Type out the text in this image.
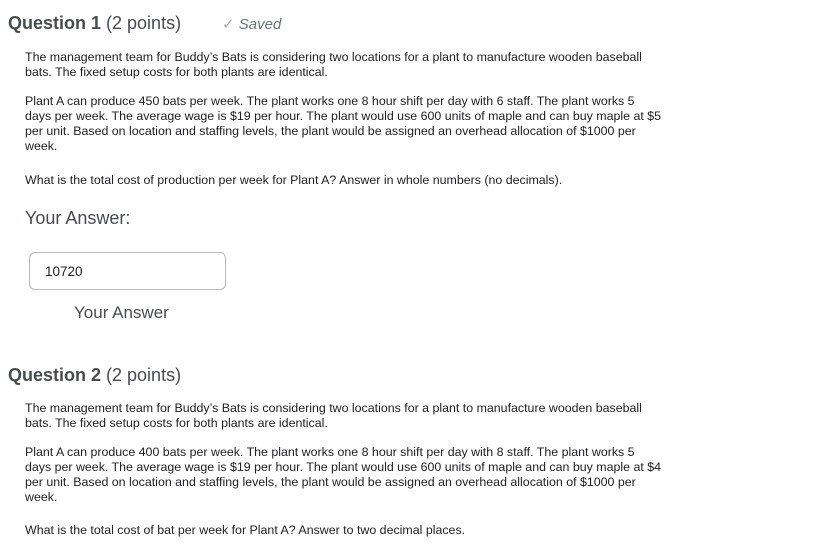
Question 1 (2 points)	✓ Saved
The management team for Buddy’s Bats is considering two locations for a plant to manufacture wooden baseball
bats. The fixed setup costs for both plants are identical.
Plant A can produce 450 bats per week. The plant works one 8 hour shift per day with 6 staff. The plant works 5
days per week. The average wage is $19 per hour. The plant would use 600 units of maple and can buy maple at $5
per unit. Based on location and staffing levels, the plant would be assigned an overhead allocation of $1000 per
week.
What is the total cost of production per week for Plant A? Answer in whole numbers (no decimals).
Your Answer:
10720
Your Answer
Question 2 (2 points)
The management team for Buddy’s Bats is considering two locations for a plant to manufacture wooden baseball
bats. The fixed setup costs for both plants are identical.
Plant A can produce 400 bats per week. The plant works one 8 hour shift per day with 8 staff. The plant works 5
days per week. The average wage is $19 per hour. The plant would use 600 units of maple and can buy maple at $4
per unit. Based on location and staffing levels, the plant would be assigned an overhead allocation of $1000 per
week.
What is the total cost of bat per week for Plant A? Answer to two decimal places.
